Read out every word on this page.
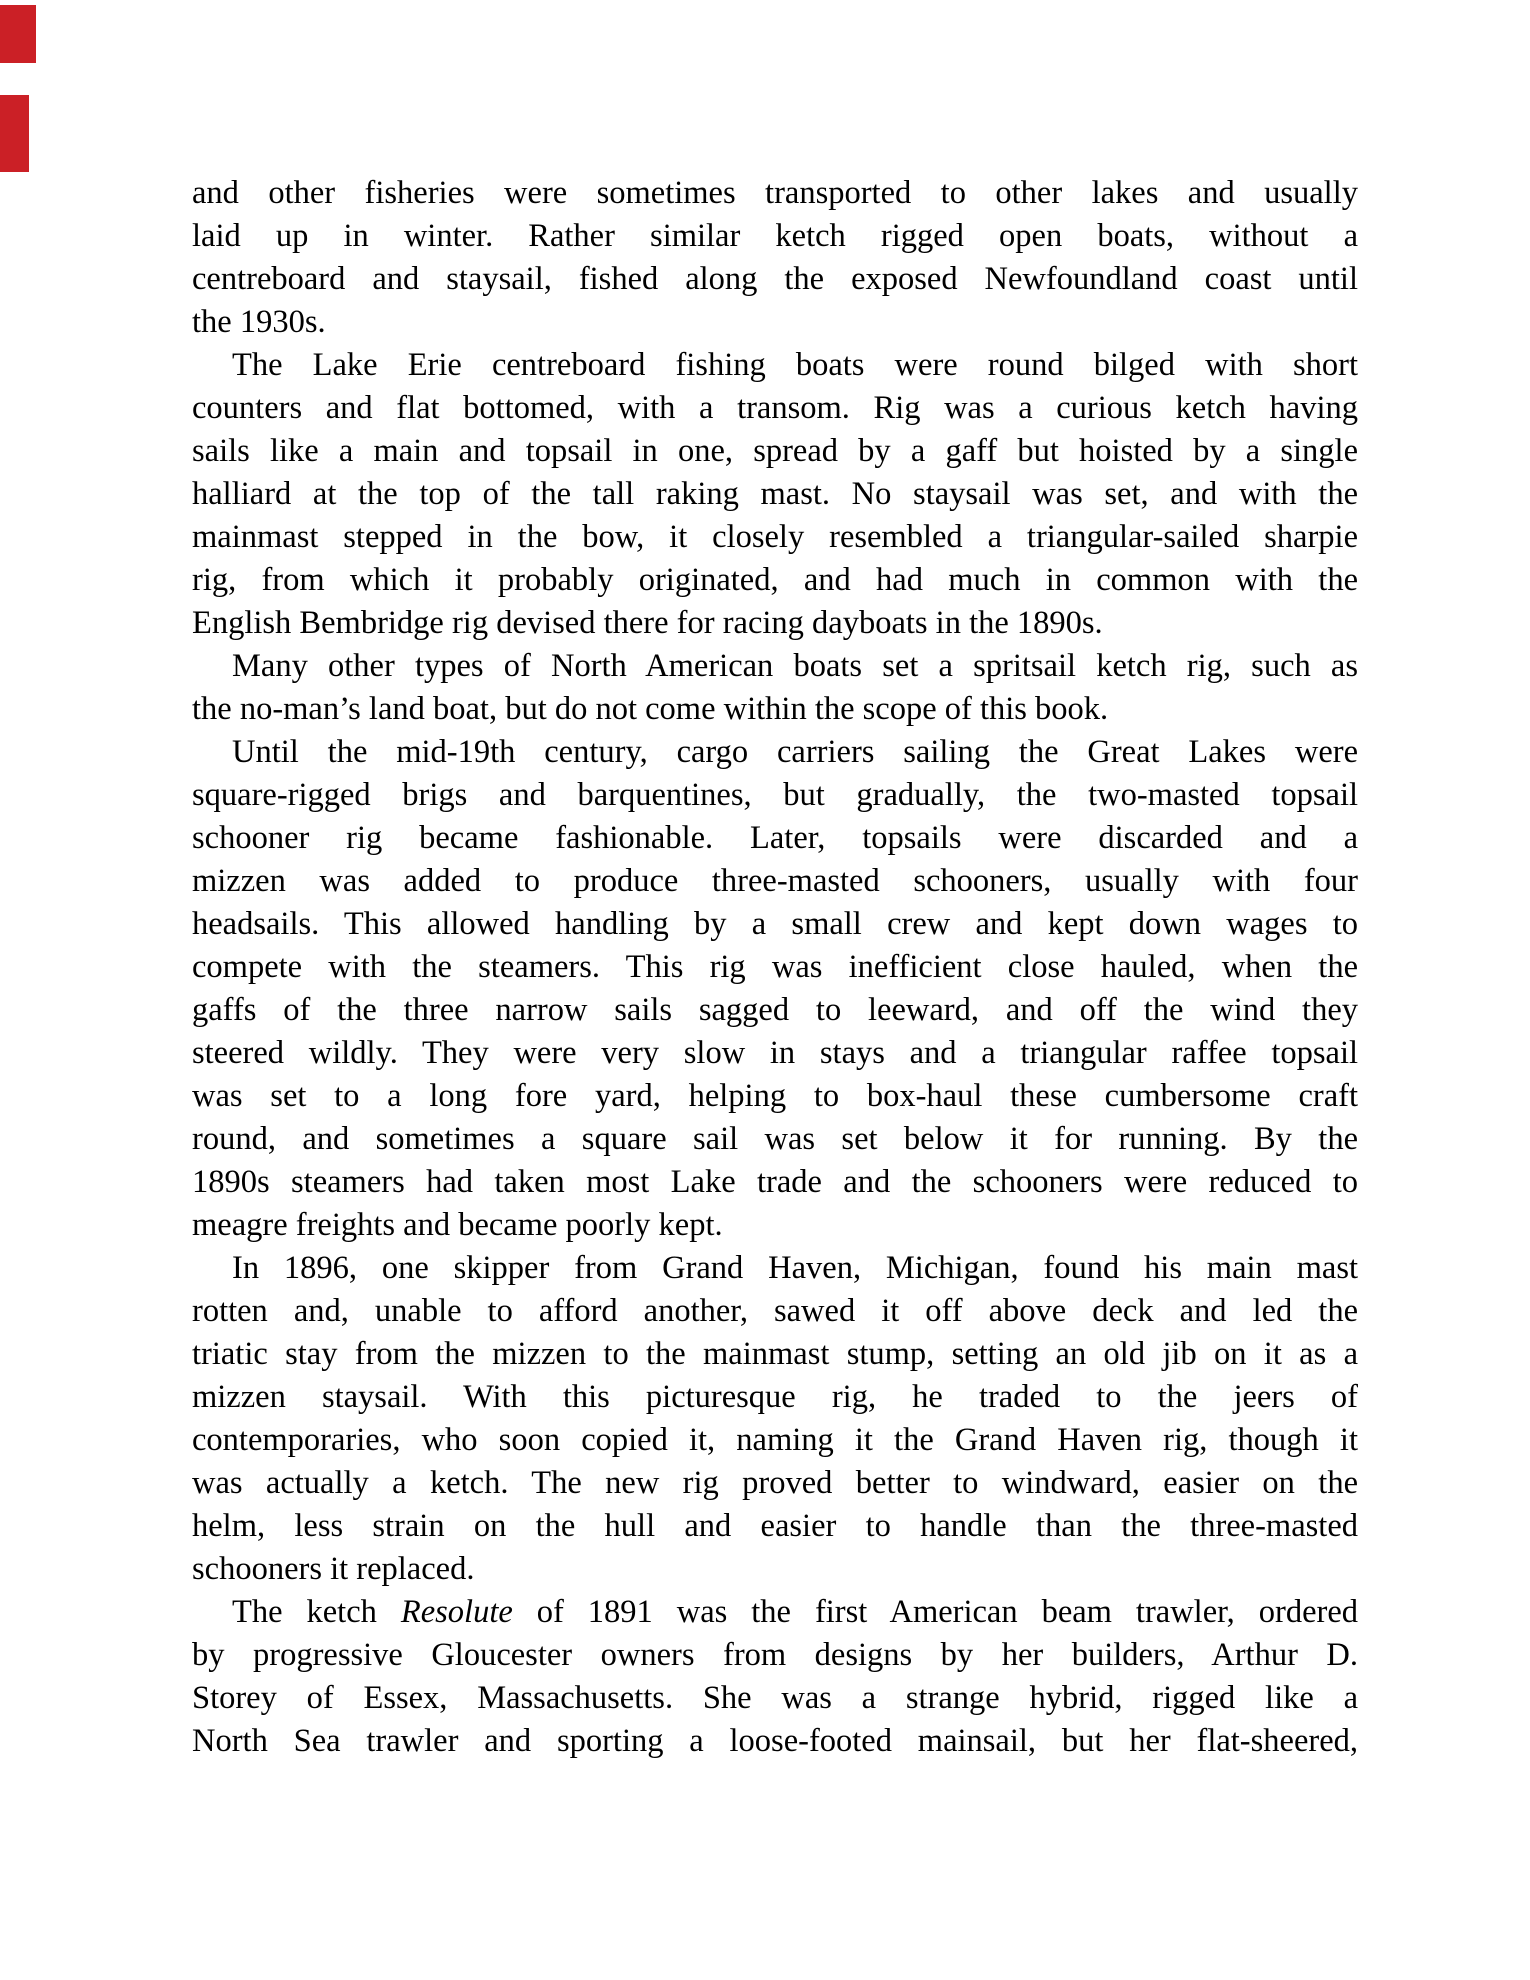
and other fisheries were sometimes transported to other lakes and usually
laid up in winter. Rather similar ketch rigged open boats, without a
centreboard and staysail, fished along the exposed Newfoundland coast until
the 1930s.

The Lake Erie centreboard fishing boats were round bilged with short
counters and flat bottomed, with a transom. Rig was a curious ketch having
sails like a main and topsail in one, spread by a gaff but hoisted by a single
halliard at the top of the tall raking mast. No staysail was set, and with the
mainmast stepped in the bow, it closely resembled a triangular-sailed sharpie
rig, from which it probably originated, and had much in common with the
English Bembridge rig devised there for racing dayboats in the 1890s.

Many other types of North American boats set a spritsail ketch rig, such as
the no-man’s land boat, but do not come within the scope of this book.

Until the mid-19th century, cargo carriers sailing the Great Lakes were
square-rigged brigs and barquentines, but gradually, the two-masted topsail
schooner rig became fashionable. Later, topsails were discarded and a
mizzen was added to produce three-masted schooners, usually with four
headsails. This allowed handling by a small crew and kept down wages to
compete with the steamers. This rig was inefficient close hauled, when the
gaffs of the three narrow sails sagged to leeward, and off the wind they
steered wildly. They were very slow in stays and a triangular raffee topsail
was set to a long fore yard, helping to box-haul these cumbersome craft
round, and sometimes a square sail was set below it for running. By the
1890s steamers had taken most Lake trade and the schooners were reduced to
meagre freights and became poorly kept.

In 1896, one skipper from Grand Haven, Michigan, found his main mast
rotten and, unable to afford another, sawed it off above deck and led the
triatic stay from the mizzen to the mainmast stump, setting an old jib on it as a
mizzen staysail. With this picturesque rig, he traded to the jeers of
contemporaries, who soon copied it, naming it the Grand Haven rig, though it
was actually a ketch. The new rig proved better to windward, easier on the
helm, less strain on the hull and easier to handle than the three-masted
schooners it replaced.

The ketch Resolute of 1891 was the first American beam trawler, ordered
by progressive Gloucester owners from designs by her builders, Arthur D.
Storey of Essex, Massachusetts. She was a strange hybrid, rigged like a
North Sea trawler and sporting a loose-footed mainsail, but her flat-sheered,
